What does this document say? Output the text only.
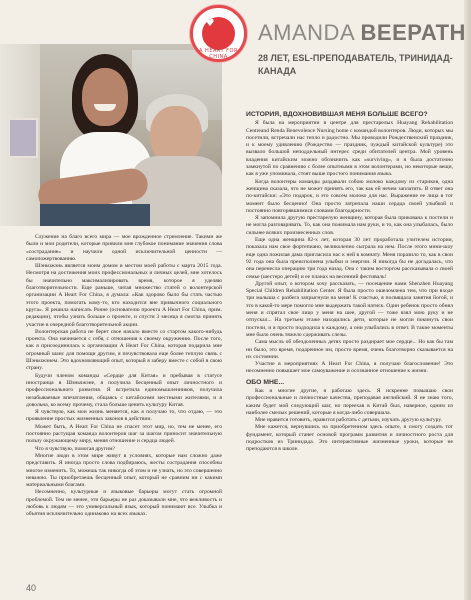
♥
A HEART FOR CHINA
AMANDA BEEPATH
28 ЛЕТ, ESL-ПРЕПОДАВАТЕЛЬ, ТРИНИДАД-КАНАДА

Служение на благо всего мира — мое врожденное стремление. Такими же были и мои родители, которые привили мне глубокое понимание значения слова «сострадание» и научили одной исключительной ценности — самопожертвованию.

Шэньчжэнь является моим домом и местом моей работы с марта 2015 года. Несмотря на достижения моих профессиональных и личных целей, мне хотелось бы значительно максимализировать время, которое я уделяю благотворительности. Еще раньше, читая множество статей о волонтерской организации A Heart For China, я думала: «Как здорово было бы стать частью этого проекта, помогать кому-то, кто находится вне привычного социального круга». Я решила написать Ронне (основателю проекта A Heart For China, прим. редакции), чтобы узнать больше о проекте, и спустя 3 месяца я смогла принять участие в очередной благотворительной акции.

Волонтерская работа не берет свое начало вместе со стартом какого-нибудь проекта. Она начинается с себя, с отношения к своему окружению. После того, как я присоединилась к организации A Heart For China, которая подарила мне огромный шанс для помощи другим, я почувствовала еще более теплую связь с Шэньчжэнем. Это вдохновляющий опыт, который я заберу вместе с собой в свою страну.

Будучи членом команды «Сердце для Китая» и пребывая в статусе иностранца в Шэньчжэне, я получила бесценный опыт личностного и профессионального развития. Я встретила единомышленников, получила незабываемые впечатления, общаясь с китайскими местными жителями, и я довольна, ко всему прочему, стала больше ценить культуру Китая.

Я чувствую, как мои жизнь меняется, как я получаю то, что отдаю, — это проявление простых жизненных законов в действии.

Может быть, A Heart For China не спасет этот мир, но, тем не менее, его постоянно растущая команда волонтеров шаг за шагом приносит значительную пользу окружающему миру, меняя отношение и сердца людей.

Что я чувствую, помогая другим?

Многие люди в этом мире живут в условиях, которые нам сложно даже представить. Я иногда просто слова подбираюсь, жесты сострадания способны многое изменить. То, можешь так никогда об этом и не узнать, но это совершенно неважно. Ты приобретаешь бесценный опыт, который не сравним ни с какими материальными благами.

Несомненно, культурные и языковые барьеры могут стать огромной проблемой. Тем не менее, эти барьеры не раз доказывали мне, что вежливость и любовь к людям — это универсальный язык, который понимают все. Улыбка и объятия исключительно одинаково на всех языках.

ИСТОРИЯ, ВДОХНОВИВШАЯ МЕНЯ БОЛЬШЕ ВСЕГО?

Я была на мероприятии в центре для престарелых Huayang Rehabilitation Centreand Renda Benevolence Nursing home с командой волонтеров. Люди, которых мы посетили, встречали нас тепло и радостно. Мы проводили Рождественский праздник, и к моему удивлению (Рождество — праздник, чуждый китайской культуре) это вызвало большой неподдельный интерес среди обитателей центра. Мой уровень владения китайским можно обозначить как «surviving», и я была достаточно замкнутой по сравнению с более опытными в этом волонтерами, но некоторые вещи, как я уже упоминала, стоят выше простого понимания языка.

Когда волонтеры команды раздавали собою молоко каждому из стариков, одна женщина сказала, что не может принять его, так как ей нечем заплатить. В ответ она по-китайски: «Это подарок, и это совсем молоко для нас. Выражение ее лица в тот момент было бесценно! Она просто затрепала наши сердца своей улыбкой и постоянно повторявшимися словами благодарности.

Я запомнила другую престарелую женщину, которая была прикована к постели и не могла разговаривать. То, как она пожимала нам руки, и то, как она улыбалась, было сильнее всяких произнесенных слов.

Еще одна женщина 82-х лет, которая 30 лет проработала учителем истории, показала нам свое фортепиано, великолепно сыграла на нем. После этого мини-шоу еще одна пожилая дама пригласила нас к ней в комнату. Меня поразило то, как в свои 92 года она была преисполнена улыбки и энергии. Я никогда бы не догадалась, что она перенесла операцию три года назад. Она с таким восторгом рассказывала о своей семье (шестеро детей) и ее планах на весенний фестиваль!

Другой опыт, о котором хочу рассказать, — посещение нами Shenzhen Huayang Special Children Rehabilitation Center. Я была просто ошеломлена тем, что при входе три малыша с разбега запрыгнули на меня! К счастью, я посвящала занятия йогой, и это в какой-то мере помогло мне выдержать такой натиск. Один ребенок просто обнял меня и спрятал свое лицо у меня на шее, другой — тоже взял мою руку и не отпускал... На третьем этаже находились дети, которые не могли покинуть свои постели, и я просто подходила к каждому, а они улыбались в ответ. В такие моменты мне было очень тяжело сдерживать слезы.

Сама мысль об обездоленных детях просто раздирает мое сердце... Но как бы там ни было, это время, подаренное им, просто время, очень благотворно сказывается на их состоянии.

Участие в мероприятиях A Heart For China, я получаю благословение! Это несомненно повышает мое самоуважение и осознанное отношение к жизни.

ОБО МНЕ...

Как и многие другие, я работаю здесь. Я искренне повышаю свои профессиональные и личностные качества, преподавая английский. Я не знаю того, каким будет мой следующий шаг, но переехав в Китай был, наверное, одним из наиболее смелых решений, которые я когда-либо совершала.

Мне нравится готовить, нравится работать с детьми, изучать другую культуру.

Мне кажется, вернувшись на приобретенном здесь опыте, я смогу создать тот фундамент, который станет основой программ развития и личностного роста для подростков из Тринидада. Это интерактивные жизненные уроки, которые не преподаются в школе.

40
